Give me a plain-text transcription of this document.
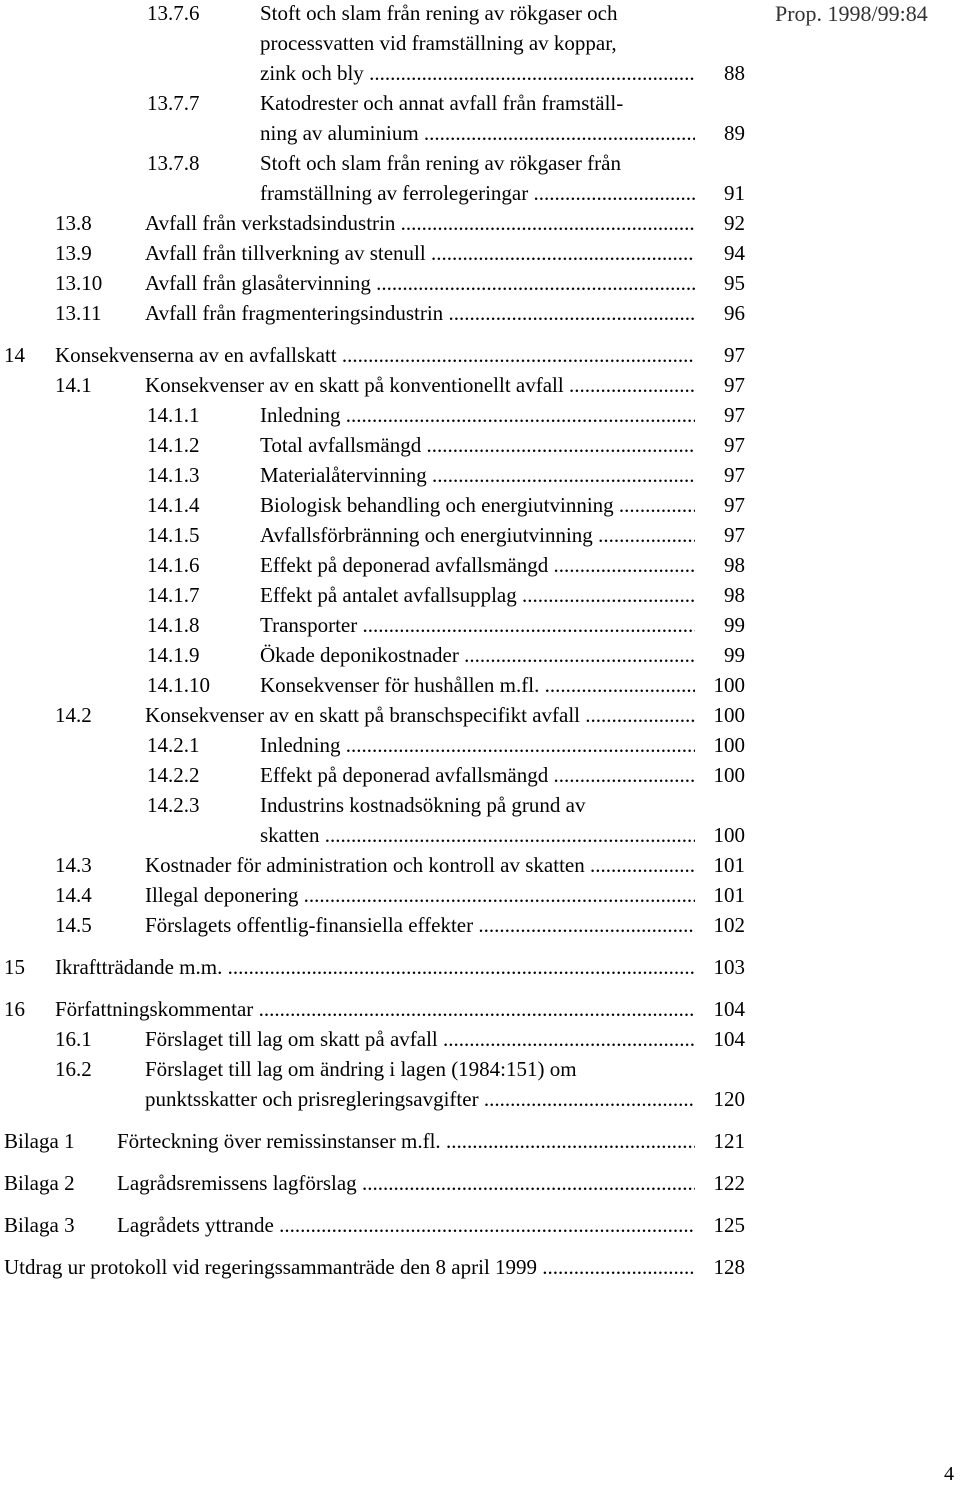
Prop. 1998/99:84
13.7.6	Stoft och slam från rening av rökgaser och
processvatten vid framställning av koppar,
zink och bly .....	88
13.7.7	Katodrester och annat avfall från framställ-
ning av aluminium .....	89
13.7.8	Stoft och slam från rening av rökgaser från
framställning av ferrolegeringar .....	91
13.8	Avfall från verkstadsindustrin .....	92
13.9	Avfall från tillverkning av stenull .....	94
13.10 Avfall från glasåtervinning .....	95
13.11 Avfall från fragmenteringsindustrin .....	96
14 Konsekvenserna av en avfallskatt .....	97
14.1	Konsekvenser av en skatt på konventionellt avfall .....	97
14.1.1	Inledning .....	97
14.1.2	Total avfallsmängd .....	97
14.1.3	Materialåtervinning .....	97
14.1.4	Biologisk behandling och energiutvinning .....	97
14.1.5	Avfallsförbränning och energiutvinning .....	97
14.1.6	Effekt på deponerad avfallsmängd .....	98
14.1.7	Effekt på antalet avfallsupplag .....	98
14.1.8	Transporter .....	99
14.1.9	Ökade deponikostnader .....	99
14.1.10 Konsekvenser för hushållen m.fl. .....	100
14.2	Konsekvenser av en skatt på branschspecifikt avfall .....	100
14.2.1	Inledning .....	100
14.2.2	Effekt på deponerad avfallsmängd .....	100
14.2.3	Industrins kostnadsökning på grund av
skatten .....	100
14.3	Kostnader för administration och kontroll av skatten .....	101
14.4	Illegal deponering .....	101
14.5	Förslagets offentlig-finansiella effekter .....	102
15 Ikraftträdande m.m. .....	103
16 Författningskommentar .....	104
16.1	Förslaget till lag om skatt på avfall .....	104
16.2	Förslaget till lag om ändring i lagen (1984:151) om
punktsskatter och prisregleringsavgifter .....	120
Bilaga 1 Förteckning över remissinstanser m.fl. .....	121
Bilaga 2 Lagrådsremissens lagförslag .....	122
Bilaga 3 Lagrådets yttrande .....	125
Utdrag ur protokoll vid regeringssammanträde den 8 april 1999 .....	128
4
